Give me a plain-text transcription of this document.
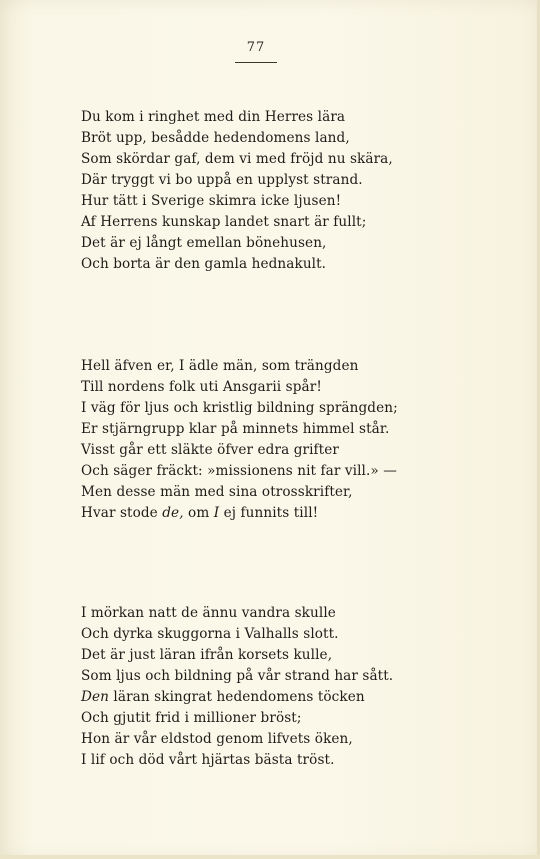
77
Du kom i ringhet med din Herres lära
Bröt upp, besådde hedendomens land,
Som skördar gaf, dem vi med fröjd nu skära,
Där tryggt vi bo uppå en upplyst strand.
Hur tätt i Sverige skimra icke ljusen!
Af Herrens kunskap landet snart är fullt;
Det är ej långt emellan bönehusen,
Och borta är den gamla hednakult.
Hell äfven er, I ädle män, som trängden
Till nordens folk uti Ansgarii spår!
I väg för ljus och kristlig bildning sprängden;
Er stjärngrupp klar på minnets himmel står.
Visst går ett släkte öfver edra grifter
Och säger fräckt: »missionens nit far vill.» —
Men desse män med sina otrosskrifter,
Hvar stode de, om I ej funnits till!
I mörkan natt de ännu vandra skulle
Och dyrka skuggorna i Valhalls slott.
Det är just läran ifrån korsets kulle,
Som ljus och bildning på vår strand har sått.
Den läran skingrat hedendomens töcken
Och gjutit frid i millioner bröst;
Hon är vår eldstod genom lifvets öken,
I lif och död vårt hjärtas bästa tröst.
